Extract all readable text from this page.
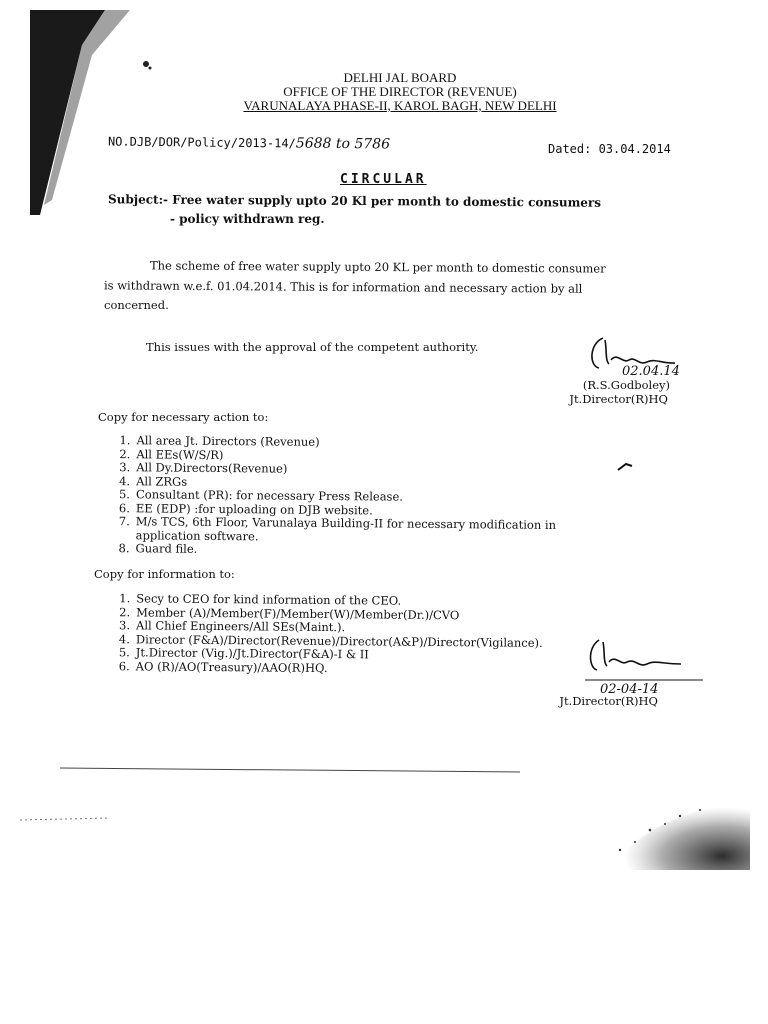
DELHI JAL BOARD
OFFICE OF THE DIRECTOR (REVENUE)
VARUNALAYA PHASE-II, KAROL BAGH, NEW DELHI
NO.DJB/DOR/Policy/2013-14/5688 to 5786	Dated: 03.04.2014
CIRCULAR
Subject:- Free water supply upto 20 Kl per month to domestic consumers
- policy withdrawn reg.
The scheme of free water supply upto 20 KL per month to domestic consumer
is withdrawn w.e.f. 01.04.2014. This is for information and necessary action by all
concerned.
This issues with the approval of the competent authority.
02.04.14
(R.S.Godboley)
Jt.Director(R)HQ
Copy for necessary action to:
1. All area Jt. Directors (Revenue)
2. All EEs(W/S/R)
3. All Dy.Directors(Revenue)
4. All ZRGs
5. Consultant (PR): for necessary Press Release.
6. EE (EDP) :for uploading on DJB website.
7. M/s TCS, 6th Floor, Varunalaya Building-II for necessary modification in
application software.
8. Guard file.
Copy for information to:
1. Secy to CEO for kind information of the CEO.
2. Member (A)/Member(F)/Member(W)/Member(Dr.)/CVO
3. All Chief Engineers/All SEs(Maint.).
4. Director (F&A)/Director(Revenue)/Director(A&P)/Director(Vigilance).
5. Jt.Director (Vig.)/Jt.Director(F&A)-I & II
6. AO (R)/AO(Treasury)/AAO(R)HQ.
02-04-14
Jt.Director(R)HQ
